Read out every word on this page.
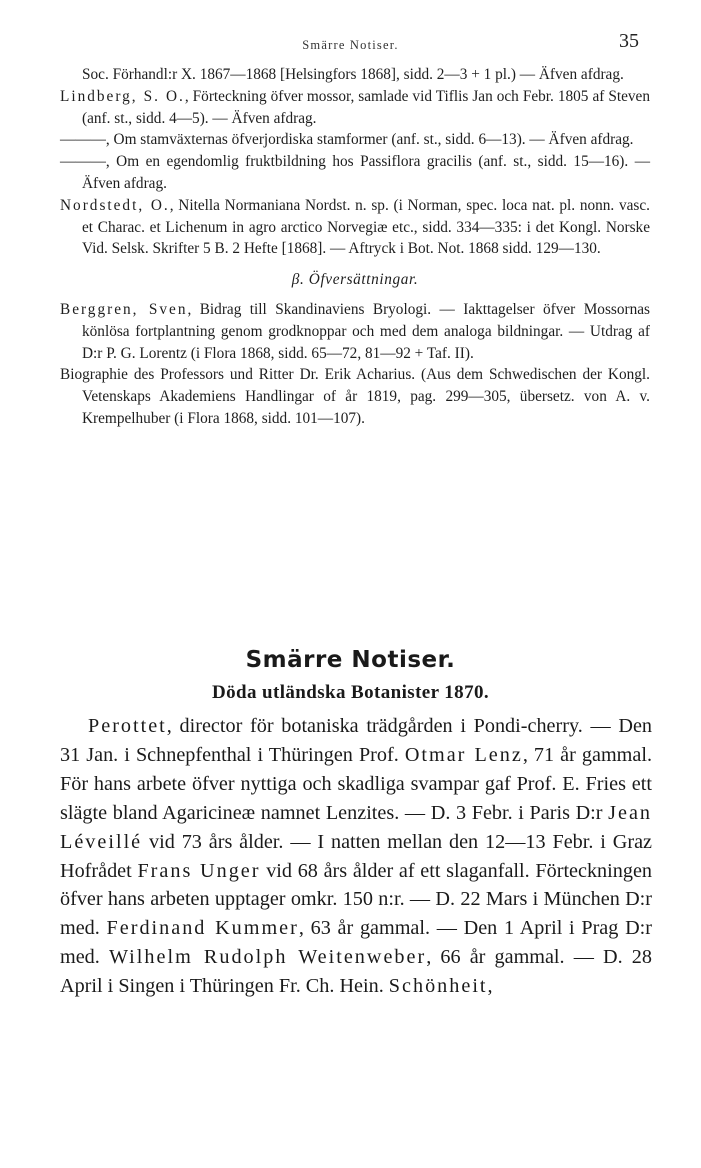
Smärre Notiser.	35

Soc. Förhandl:r X. 1867—1868 [Helsingfors 1868], sidd. 2—3 + 1 pl.) — Äfven afdrag.

Lindberg, S. O., Förteckning öfver mossor, samlade vid Tiflis Jan och Febr. 1805 af Steven (anf. st., sidd. 4—5). — Äfven afdrag.

———, Om stamväxternas öfverjordiska stamformer (anf. st., sidd. 6—13). — Äfven afdrag.

———, Om en egendomlig fruktbildning hos Passiflora gracilis (anf. st., sidd. 15—16). — Äfven afdrag.

Nordstedt, O., Nitella Normaniana Nordst. n. sp. (i Norman, spec. loca nat. pl. nonn. vasc. et Charac. et Lichenum in agro arctico Norvegiæ etc., sidd. 334—335: i det Kongl. Norske Vid. Selsk. Skrifter 5 B. 2 Hefte [1868]. — Aftryck i Bot. Not. 1868 sidd. 129—130.

β. Öfversättningar.

Berggren, Sven, Bidrag till Skandinaviens Bryologi. — Iakttagelser öfver Mossornas könlösa fortplantning genom grodknoppar och med dem analoga bildningar. — Utdrag af D:r P. G. Lorentz (i Flora 1868, sidd. 65—72, 81—92 + Taf. II).

Biographie des Professors und Ritter Dr. Erik Acharius. (Aus dem Schwedischen der Kongl. Vetenskaps Akademiens Handlingar of år 1819, pag. 299—305, übersetz. von A. v. Krempelhuber (i Flora 1868, sidd. 101—107).

Smärre Notiser.
Döda utländska Botanister 1870.

Perottet, director för botaniska trädgården i Pondi-cherry. — Den 31 Jan. i Schnepfenthal i Thüringen Prof. Otmar Lenz, 71 år gammal. För hans arbete öfver nyttiga och skadliga svampar gaf Prof. E. Fries ett slägte bland Agaricineæ namnet Lenzites. — D. 3 Febr. i Paris D:r Jean Léveillé vid 73 års ålder. — I natten mellan den 12—13 Febr. i Graz Hofrådet Frans Unger vid 68 års ålder af ett slaganfall. Förteckningen öfver hans arbeten upptager omkr. 150 n:r. — D. 22 Mars i München D:r med. Ferdinand Kummer, 63 år gammal. — Den 1 April i Prag D:r med. Wilhelm Rudolph Weitenweber, 66 år gammal. — D. 28 April i Singen i Thüringen Fr. Ch. Hein. Schönheit,
